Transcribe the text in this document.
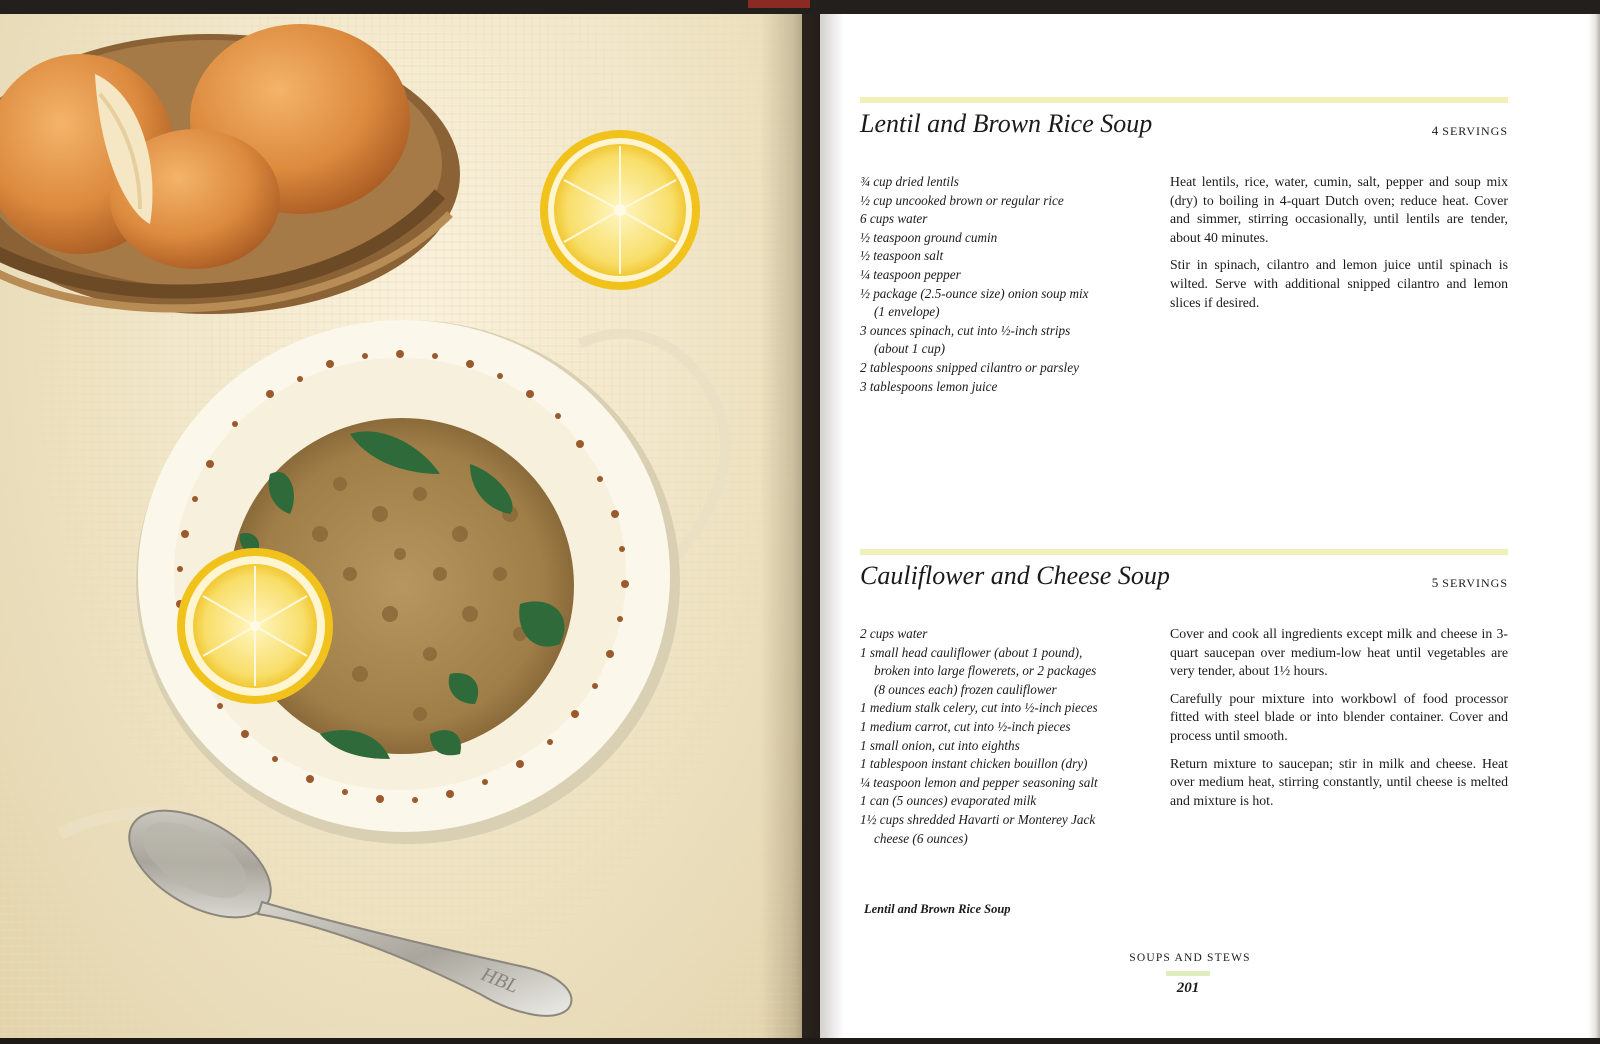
HBL
Lentil and Brown Rice Soup	4 SERVINGS
¾ cup dried lentils
½ cup uncooked brown or regular rice
6 cups water
½ teaspoon ground cumin
½ teaspoon salt
¼ teaspoon pepper
½ package (2.5-ounce size) onion soup mix
(1 envelope)
3 ounces spinach, cut into ½-inch strips
(about 1 cup)
2 tablespoons snipped cilantro or parsley
3 tablespoons lemon juice

Heat lentils, rice, water, cumin, salt, pepper and soup mix (dry) to boiling in 4-quart Dutch oven; reduce heat. Cover and simmer, stirring occasionally, until lentils are tender, about 40 minutes.

Stir in spinach, cilantro and lemon juice until spinach is wilted. Serve with additional snipped cilantro and lemon slices if desired.

Cauliflower and Cheese Soup	5 SERVINGS
2 cups water
1 small head cauliflower (about 1 pound),
broken into large flowerets, or 2 packages
(8 ounces each) frozen cauliflower
1 medium stalk celery, cut into ½-inch pieces
1 medium carrot, cut into ½-inch pieces
1 small onion, cut into eighths
1 tablespoon instant chicken bouillon (dry)
¼ teaspoon lemon and pepper seasoning salt
1 can (5 ounces) evaporated milk
1½ cups shredded Havarti or Monterey Jack
cheese (6 ounces)

Cover and cook all ingredients except milk and cheese in 3-quart saucepan over medium-low heat until vegetables are very tender, about 1½ hours.

Carefully pour mixture into workbowl of food processor fitted with steel blade or into blender container. Cover and process until smooth.

Return mixture to saucepan; stir in milk and cheese. Heat over medium heat, stirring constantly, until cheese is melted and mixture is hot.

Lentil and Brown Rice Soup
SOUPS AND STEWS
201
